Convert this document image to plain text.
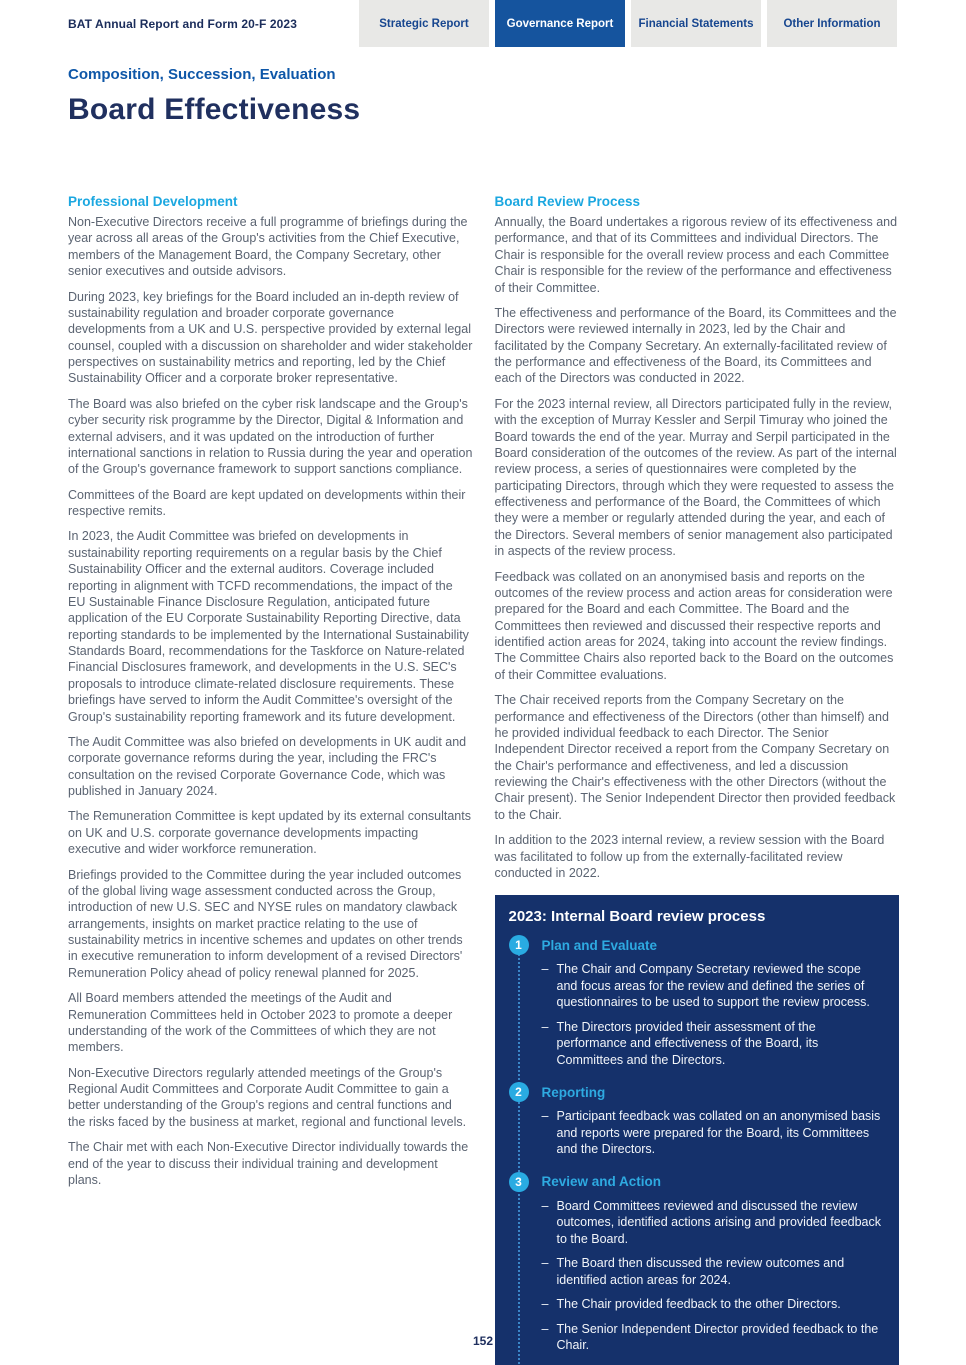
BAT Annual Report and Form 20-F 2023	Strategic Report	Governance Report	Financial Statements	Other Information
Composition, Succession, Evaluation
Board Effectiveness
Professional Development

Non-Executive Directors receive a full programme of briefings during the year across all areas of the Group's activities from the Chief Executive, members of the Management Board, the Company Secretary, other senior executives and outside advisors.

During 2023, key briefings for the Board included an in-depth review of sustainability regulation and broader corporate governance developments from a UK and U.S. perspective provided by external legal counsel, coupled with a discussion on shareholder and wider stakeholder perspectives on sustainability metrics and reporting, led by the Chief Sustainability Officer and a corporate broker representative.

The Board was also briefed on the cyber risk landscape and the Group's cyber security risk programme by the Director, Digital & Information and external advisers, and it was updated on the introduction of further international sanctions in relation to Russia during the year and operation of the Group's governance framework to support sanctions compliance.

Committees of the Board are kept updated on developments within their respective remits.

In 2023, the Audit Committee was briefed on developments in sustainability reporting requirements on a regular basis by the Chief Sustainability Officer and the external auditors. Coverage included reporting in alignment with TCFD recommendations, the impact of the EU Sustainable Finance Disclosure Regulation, anticipated future application of the EU Corporate Sustainability Reporting Directive, data reporting standards to be implemented by the International Sustainability Standards Board, recommendations for the Taskforce on Nature-related Financial Disclosures framework, and developments in the U.S. SEC's proposals to introduce climate-related disclosure requirements. These briefings have served to inform the Audit Committee's oversight of the Group's sustainability reporting framework and its future development.

The Audit Committee was also briefed on developments in UK audit and corporate governance reforms during the year, including the FRC's consultation on the revised Corporate Governance Code, which was published in January 2024.

The Remuneration Committee is kept updated by its external consultants on UK and U.S. corporate governance developments impacting executive and wider workforce remuneration.

Briefings provided to the Committee during the year included outcomes of the global living wage assessment conducted across the Group, introduction of new U.S. SEC and NYSE rules on mandatory clawback arrangements, insights on market practice relating to the use of sustainability metrics in incentive schemes and updates on other trends in executive remuneration to inform development of a revised Directors' Remuneration Policy ahead of policy renewal planned for 2025.

All Board members attended the meetings of the Audit and Remuneration Committees held in October 2023 to promote a deeper understanding of the work of the Committees of which they are not members.

Non-Executive Directors regularly attended meetings of the Group's Regional Audit Committees and Corporate Audit Committee to gain a better understanding of the Group's regions and central functions and the risks faced by the business at market, regional and functional levels.

The Chair met with each Non-Executive Director individually towards the end of the year to discuss their individual training and development plans.

Board Review Process

Annually, the Board undertakes a rigorous review of its effectiveness and performance, and that of its Committees and individual Directors. The Chair is responsible for the overall review process and each Committee Chair is responsible for the review of the performance and effectiveness of their Committee.

The effectiveness and performance of the Board, its Committees and the Directors were reviewed internally in 2023, led by the Chair and facilitated by the Company Secretary. An externally-facilitated review of the performance and effectiveness of the Board, its Committees and each of the Directors was conducted in 2022.

For the 2023 internal review, all Directors participated fully in the review, with the exception of Murray Kessler and Serpil Timuray who joined the Board towards the end of the year. Murray and Serpil participated in the Board consideration of the outcomes of the review. As part of the internal review process, a series of questionnaires were completed by the participating Directors, through which they were requested to assess the effectiveness and performance of the Board, the Committees of which they were a member or regularly attended during the year, and each of the Directors. Several members of senior management also participated in aspects of the review process.

Feedback was collated on an anonymised basis and reports on the outcomes of the review process and action areas for consideration were prepared for the Board and each Committee. The Board and the Committees then reviewed and discussed their respective reports and identified action areas for 2024, taking into account the review findings. The Committee Chairs also reported back to the Board on the outcomes of their Committee evaluations.

The Chair received reports from the Company Secretary on the performance and effectiveness of the Directors (other than himself) and he provided individual feedback to each Director. The Senior Independent Director received a report from the Company Secretary on the Chair's performance and effectiveness, and led a discussion reviewing the Chair's effectiveness with the other Directors (without the Chair present). The Senior Independent Director then provided feedback to the Chair.

In addition to the 2023 internal review, a review session with the Board was facilitated to follow up from the externally-facilitated review conducted in 2022.

2023: Internal Board review process
1	Plan and Evaluate
– The Chair and Company Secretary reviewed the scope and focus areas for the review and defined the series of questionnaires to be used to support the review process.
– The Directors provided their assessment of the performance and effectiveness of the Board, its Committees and the Directors.
2	Reporting
– Participant feedback was collated on an anonymised basis and reports were prepared for the Board, its Committees and the Directors.
3	Review and Action
– Board Committees reviewed and discussed the review outcomes, identified actions arising and provided feedback to the Board.
– The Board then discussed the review outcomes and identified action areas for 2024.
– The Chair provided feedback to the other Directors.
– The Senior Independent Director provided feedback to the Chair.
152
